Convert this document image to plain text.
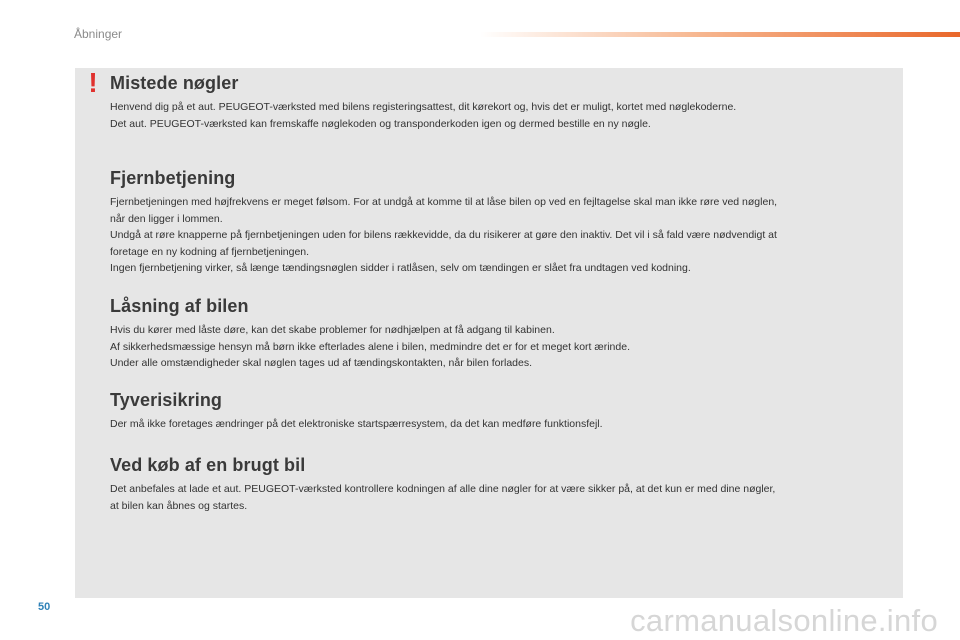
Åbninger
! Mistede nøgler

Henvend dig på et aut. PEUGEOT-værksted med bilens registeringsattest, dit kørekort og, hvis det er muligt, kortet med nøglekoderne.

Det aut. PEUGEOT-værksted kan fremskaffe nøglekoden og transponderkoden igen og dermed bestille en ny nøgle.

Fjernbetjening

Fjernbetjeningen med højfrekvens er meget følsom. For at undgå at komme til at låse bilen op ved en fejltagelse skal man ikke røre ved nøglen,

når den ligger i lommen.

Undgå at røre knapperne på fjernbetjeningen uden for bilens rækkevidde, da du risikerer at gøre den inaktiv. Det vil i så fald være nødvendigt at

foretage en ny kodning af fjernbetjeningen.

Ingen fjernbetjening virker, så længe tændingsnøglen sidder i ratlåsen, selv om tændingen er slået fra undtagen ved kodning.

Låsning af bilen

Hvis du kører med låste døre, kan det skabe problemer for nødhjælpen at få adgang til kabinen.

Af sikkerhedsmæssige hensyn må børn ikke efterlades alene i bilen, medmindre det er for et meget kort ærinde.

Under alle omstændigheder skal nøglen tages ud af tændingskontakten, når bilen forlades.

Tyverisikring

Der må ikke foretages ændringer på det elektroniske startspærresystem, da det kan medføre funktionsfejl.

Ved køb af en brugt bil

Det anbefales at lade et aut. PEUGEOT-værksted kontrollere kodningen af alle dine nøgler for at være sikker på, at det kun er med dine nøgler,

at bilen kan åbnes og startes.

50	carmanualsonline.info
